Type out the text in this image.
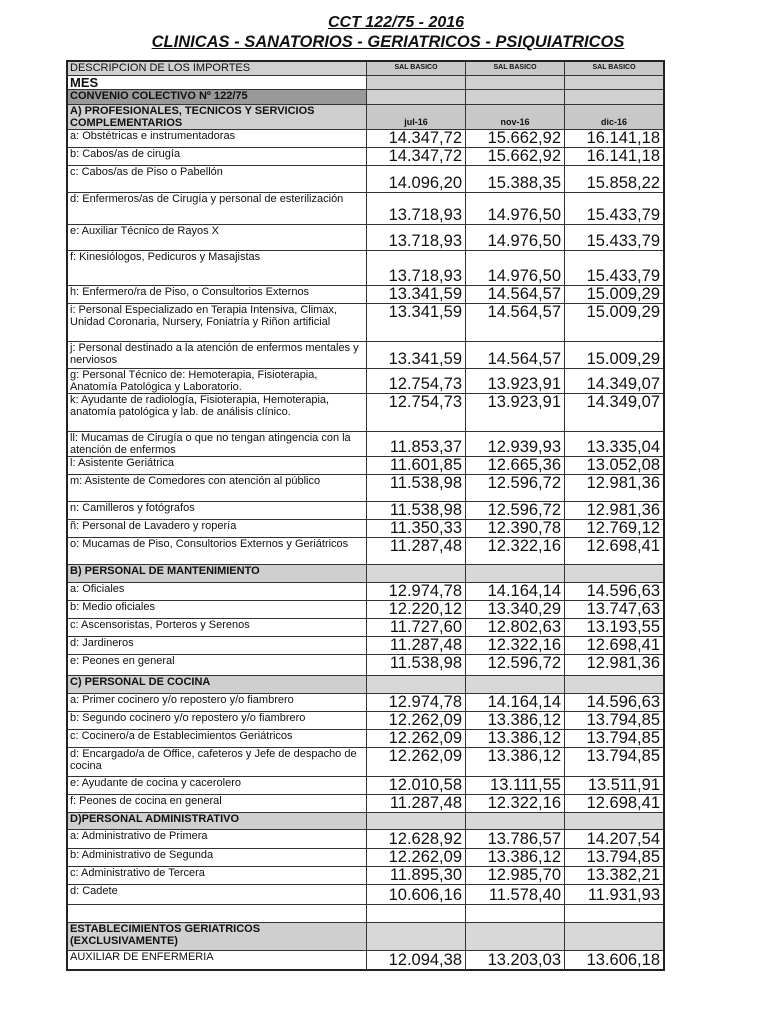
CCT 122/75 - 2016
CLINICAS - SANATORIOS - GERIATRICOS - PSIQUIATRICOS
DESCRIPCION DE LOS IMPORTES	SAL BASICO	SAL BASICO	SAL BASICO
MES			
CONVENIO COLECTIVO Nº 122/75			
A) PROFESIONALES, TECNICOS Y SERVICIOS COMPLEMENTARIOS	jul-16	nov-16	dic-16
a: Obstétricas e instrumentadoras	14.347,72	15.662,92	16.141,18
b: Cabos/as de cirugía	14.347,72	15.662,92	16.141,18
c: Cabos/as de Piso o Pabellón	14.096,20	15.388,35	15.858,22
d: Enfermeros/as de Cirugía y personal de esterilización	13.718,93	14.976,50	15.433,79
e: Auxiliar Técnico de Rayos X	13.718,93	14.976,50	15.433,79
f: Kinesiólogos, Pedicuros y Masajistas	13.718,93	14.976,50	15.433,79
h: Enfermero/ra de Piso, o Consultorios Externos	13.341,59	14.564,57	15.009,29
i: Personal Especializado en Terapia Intensiva, Climax, Unidad Coronaria, Nursery, Foniatría y Riñon artificial	13.341,59	14.564,57	15.009,29
j: Personal destinado a la atención de enfermos mentales y nerviosos	13.341,59	14.564,57	15.009,29
g: Personal Técnico de: Hemoterapia, Fisioterapia, Anatomía Patológica y Laboratorio.	12.754,73	13.923,91	14.349,07
k: Ayudante de radiología, Fisioterapia, Hemoterapia, anatomía patológica y lab. de análisis clínico.	12.754,73	13.923,91	14.349,07
ll: Mucamas de Cirugía o que no tengan atingencia con la atención de enfermos	11.853,37	12.939,93	13.335,04
l: Asistente Geriátrica	11.601,85	12.665,36	13.052,08
m: Asistente de Comedores con atención al público	11.538,98	12.596,72	12.981,36
n: Camilleros y fotógrafos	11.538,98	12.596,72	12.981,36
ñ: Personal de Lavadero y ropería	11.350,33	12.390,78	12.769,12
o: Mucamas de Piso, Consultorios Externos y Geriátricos	11.287,48	12.322,16	12.698,41
B) PERSONAL DE MANTENIMIENTO			
a: Oficiales	12.974,78	14.164,14	14.596,63
b: Medio oficiales	12.220,12	13.340,29	13.747,63
c: Ascensoristas, Porteros y Serenos	11.727,60	12.802,63	13.193,55
d: Jardineros	11.287,48	12.322,16	12.698,41
e: Peones en general	11.538,98	12.596,72	12.981,36
C) PERSONAL DE COCINA			
a: Primer cocinero y/o repostero y/o fiambrero	12.974,78	14.164,14	14.596,63
b: Segundo cocinero y/o repostero y/o fiambrero	12.262,09	13.386,12	13.794,85
c: Cocinero/a de Establecimientos Geriátricos	12.262,09	13.386,12	13.794,85
d: Encargado/a de Office, cafeteros y Jefe de despacho de cocina	12.262,09	13.386,12	13.794,85
e: Ayudante de cocina y cacerolero	12.010,58	13.111,55	13.511,91
f: Peones de cocina en general	11.287,48	12.322,16	12.698,41
D)PERSONAL ADMINISTRATIVO			
a: Administrativo de Primera	12.628,92	13.786,57	14.207,54
b: Administrativo de Segunda	12.262,09	13.386,12	13.794,85
c: Administrativo de Tercera	11.895,30	12.985,70	13.382,21
d: Cadete	10.606,16	11.578,40	11.931,93

ESTABLECIMIENTOS GERIATRICOS (EXCLUSIVAMENTE)			
AUXILIAR DE ENFERMERIA	12.094,38	13.203,03	13.606,18
